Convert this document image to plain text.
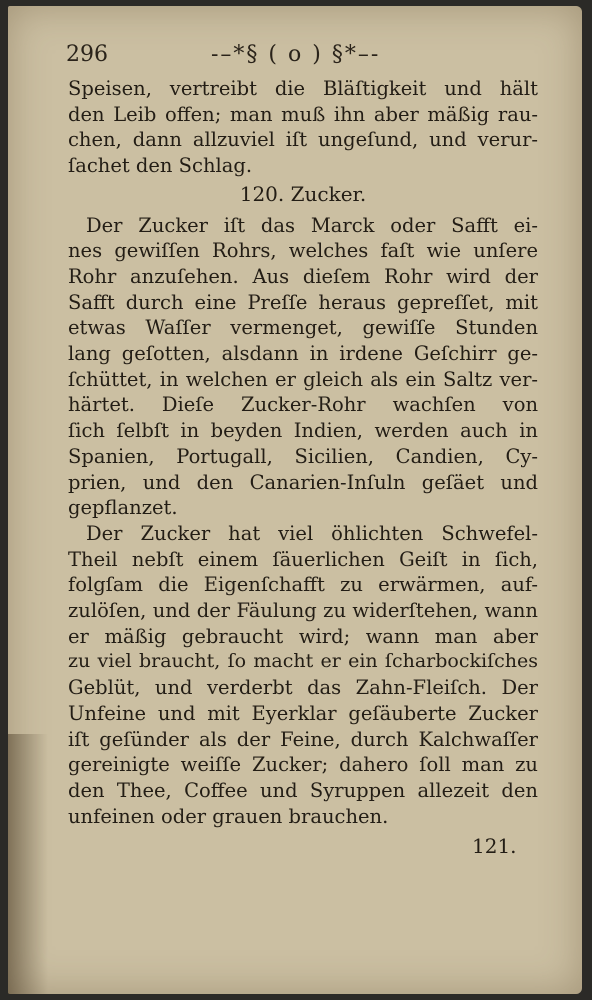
296	-–*§ ( o ) §*–-
Speisen, vertreibt die Bläſtigkeit und hält
den Leib offen; man muß ihn aber mäßig rau-
chen, dann allzuviel iſt ungeſund, und verur-
ſachet den Schlag.
120. Zucker.
Der Zucker iſt das Marck oder Safft ei-
nes gewiſſen Rohrs, welches faſt wie unſere
Rohr anzuſehen. Aus dieſem Rohr wird der
Safft durch eine Preſſe heraus gepreſſet, mit
etwas Waſſer vermenget, gewiſſe Stunden
lang geſotten, alsdann in irdene Geſchirr ge-
ſchüttet, in welchen er gleich als ein Saltz ver-
härtet. Dieſe Zucker-Rohr wachſen von
ſich ſelbſt in beyden Indien, werden auch in
Spanien, Portugall, Sicilien, Candien, Cy-
prien, und den Canarien-Inſuln geſäet und
gepflanzet.
Der Zucker hat viel öhlichten Schwefel-
Theil nebſt einem ſäuerlichen Geiſt in ſich,
folgſam die Eigenſchafft zu erwärmen, auf-
zulöſen, und der Fäulung zu widerſtehen, wann
er mäßig gebraucht wird; wann man aber
zu viel braucht, ſo macht er ein ſcharbockiſches
Geblüt, und verderbt das Zahn-Fleiſch. Der
Unfeine und mit Eyerklar geſäuberte Zucker
iſt geſünder als der Feine, durch Kalchwaſſer
gereinigte weiſſe Zucker; dahero ſoll man zu
den Thee, Coffee und Syruppen allezeit den
unfeinen oder grauen brauchen.
121.
